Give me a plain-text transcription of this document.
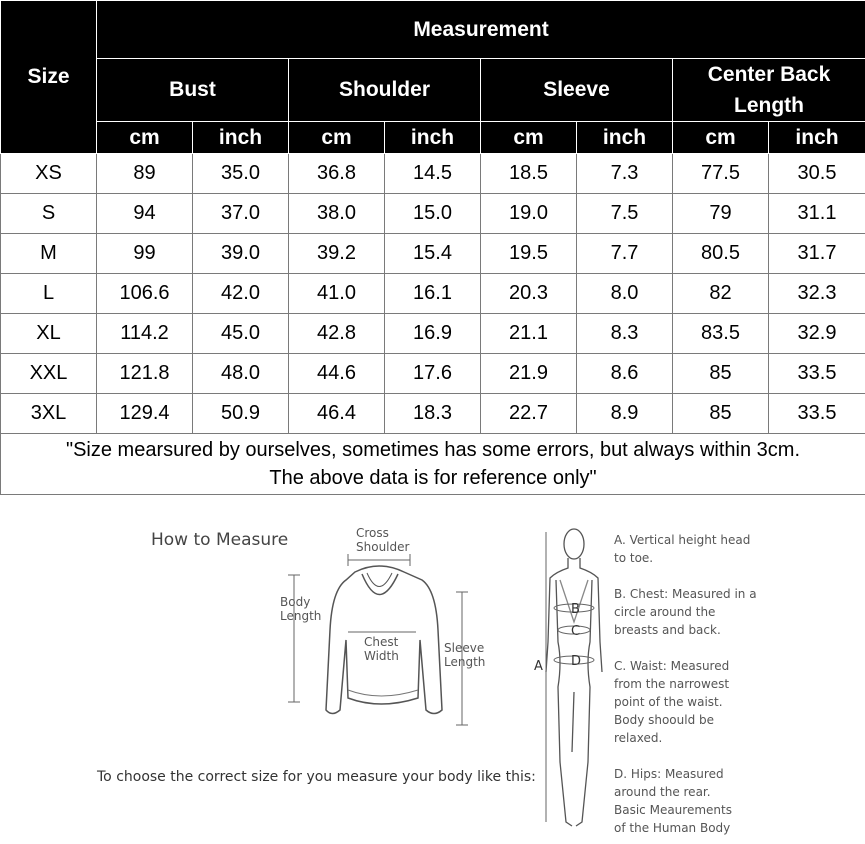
Size	Measurement							
	Bust		Shoulder		Sleeve		Center Back Length	
	cm	inch	cm	inch	cm	inch	cm	inch
XS	89	35.0	36.8	14.5	18.5	7.3	77.5	30.5
S	94	37.0	38.0	15.0	19.0	7.5	79	31.1
M	99	39.0	39.2	15.4	19.5	7.7	80.5	31.7
L	106.6	42.0	41.0	16.1	20.3	8.0	82	32.3
XL	114.2	45.0	42.8	16.9	21.1	8.3	83.5	32.9
XXL	121.8	48.0	44.6	17.6	21.9	8.6	85	33.5
3XL	129.4	50.9	46.4	18.3	22.7	8.9	85	33.5

"Size mearsured by ourselves, sometimes has some errors, but always within 3cm.
The above data is for reference only"								
How to Measure	Cross
Shoulder
Body
Length
Chest
Width
Sleeve
Length
To choose the correct size for you measure your body like this:
A
B
C
D
A. Vertical height head
to toe.
B. Chest: Measured in a
circle around the
breasts and back.
C. Waist: Measured
from the narrowest
point of the waist.
Body shoould be
relaxed.
D. Hips: Measured
around the rear.
Basic Meaurements
of the Human Body
